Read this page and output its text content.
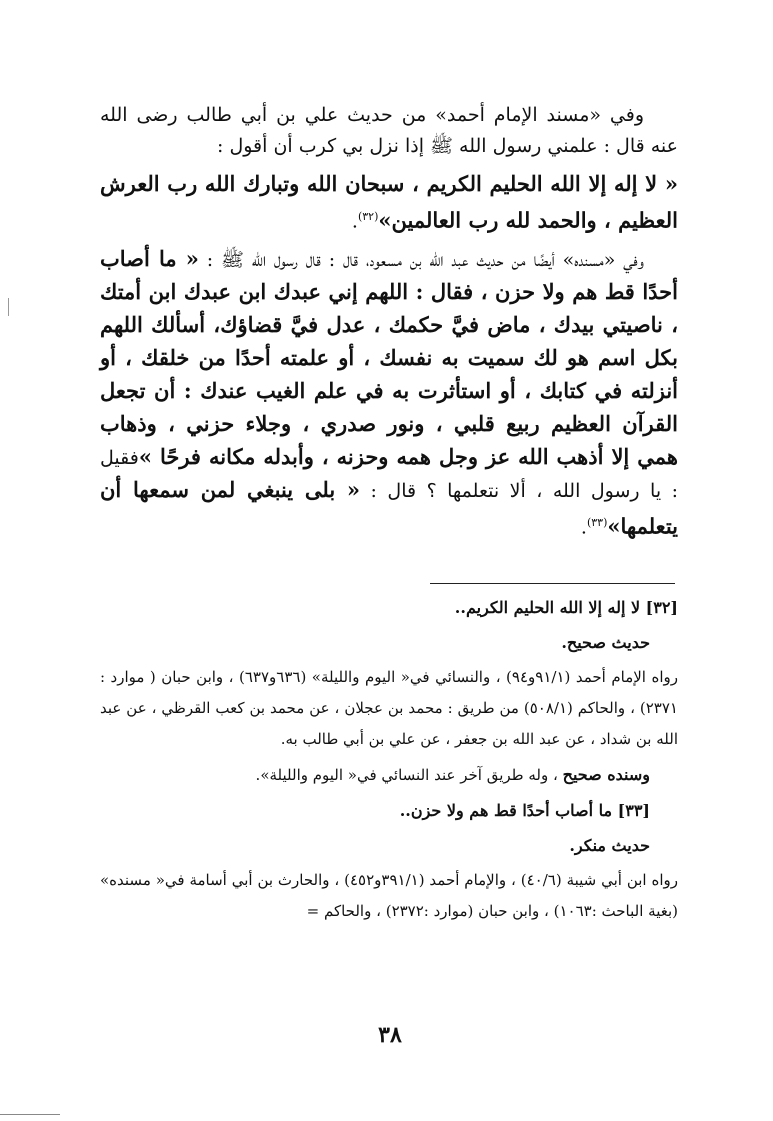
وفي «مسند الإمام أحمد» من حديث علي بن أبي طالب رضى الله عنه قال : علمني رسول الله ﷺ إذا نزل بي كرب أن أقول :

« لا إله إلا الله الحليم الكريم ، سبحان الله وتبارك الله رب العرش العظيم ، والحمد لله رب العالمين»$^{(٣٢)}$.

وفي «مسنده» أيضًا من حديث عبد الله بن مسعود، قال : قال رسول الله ﷺ : « ما أصاب أحدًا قط هم ولا حزن ، فقال : اللهم إني عبدك ابن عبدك ابن أمتك ، ناصيتي بيدك ، ماض فيَّ حكمك ، عدل فيَّ قضاؤك، أسألك اللهم بكل اسم هو لك سميت به نفسك ، أو علمته أحدًا من خلقك ، أو أنزلته في كتابك ، أو استأثرت به في علم الغيب عندك : أن تجعل القرآن العظيم ربيع قلبي ، ونور صدري ، وجلاء حزني ، وذهاب همي إلا أذهب الله عز وجل همه وحزنه ، وأبدله مكانه فرحًا »فقيل : يا رسول الله ، ألا نتعلمها ؟ قال : « بلى ينبغي لمن سمعها أن يتعلمها»$^{(٣٣)}$.

[٣٢] لا إله إلا الله الحليم الكريم..

حديث صحيح.

رواه الإمام أحمد (٩١/١و٩٤) ، والنسائي في« اليوم والليلة» (٦٣٦و٦٣٧) ، وابن حبان ( موارد : ٢٣٧١) ، والحاكم (٥٠٨/١) من طريق : محمد بن عجلان ، عن محمد بن كعب القرظي ، عن عبد الله بن شداد ، عن عبد الله بن جعفر ، عن علي بن أبي طالب به.

وسنده صحيح ، وله طريق آخر عند النسائي في« اليوم والليلة».

[٣٣] ما أصاب أحدًا قط هم ولا حزن..

حديث منكر.

رواه ابن أبي شيبة (٤٠/٦) ، والإمام أحمد (٣٩١/١و٤٥٢) ، والحارث بن أبي أسامة في« مسنده» (بغية الباحث :١٠٦٣) ، وابن حبان (موارد :٢٣٧٢) ، والحاكم =

٣٨
